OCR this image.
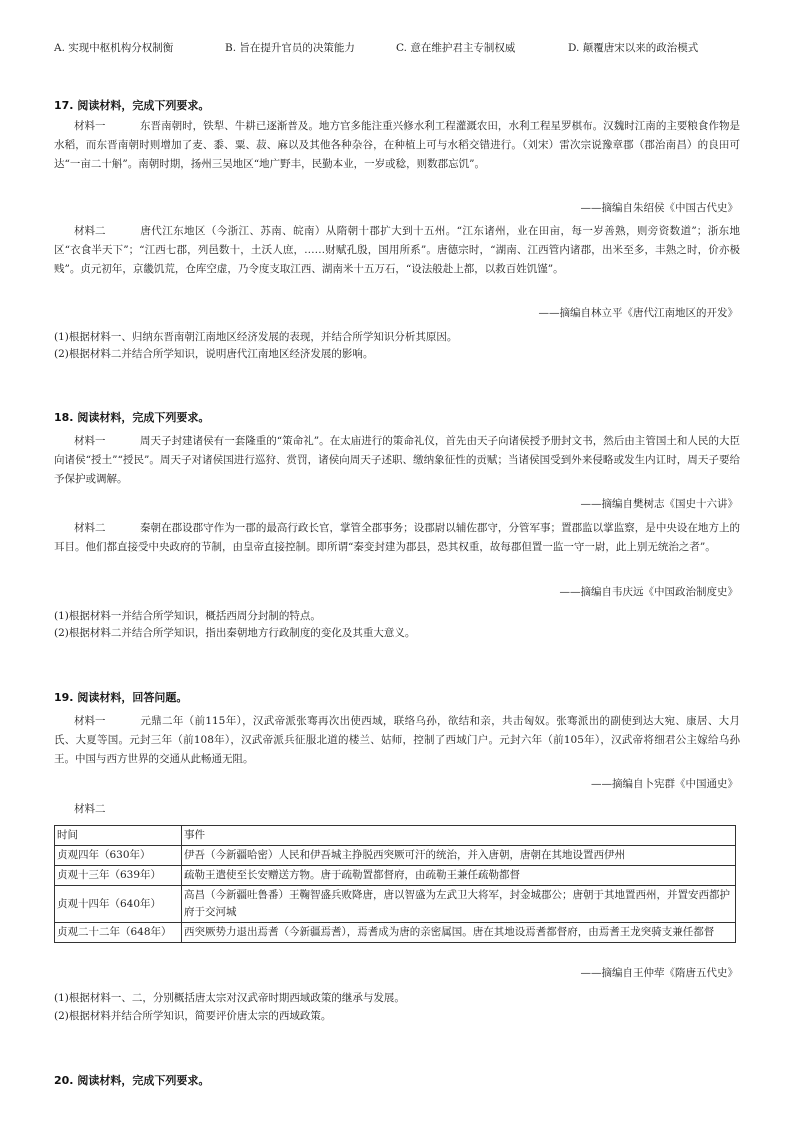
A. 实现中枢机构分权制衡	B. 旨在提升官员的决策能力	C. 意在维护君主专制权威	D. 颠覆唐宋以来的政治模式
17. 阅读材料，完成下列要求。
材料一	东晋南朝时，铁犁、牛耕已逐渐普及。地方官多能注重兴修水利工程灌溉农田，水利工程星罗棋布。汉魏时江南的主要粮食作物是水稻，而东晋南朝时则增加了麦、黍、粟、菽、麻以及其他各种杂谷，在种植上可与水稻交错进行。（刘宋）雷次宗说豫章郡（郡治南昌）的良田可达“一亩二十斛”。南朝时期，扬州三吴地区“地广野丰，民勤本业，一岁或稔，则数郡忘饥”。
——摘编自朱绍侯《中国古代史》
材料二	唐代江东地区（今浙江、苏南、皖南）从隋朝十郡扩大到十五州。“江东诸州，业在田亩，每一岁善熟，则旁资数道”；浙东地区“衣食半天下”；“江西七郡，列邑数十，土沃人庶，……财赋孔殷，国用所系”。唐德宗时，“湖南、江西管内诸郡，出米至多，丰熟之时，价亦极贱”。贞元初年，京畿饥荒，仓库空虚，乃令度支取江西、湖南米十五万石，“设法般赴上都，以救百姓饥馑”。
——摘编自林立平《唐代江南地区的开发》
(1)根据材料一、归纳东晋南朝江南地区经济发展的表现，并结合所学知识分析其原因。
(2)根据材料二并结合所学知识，说明唐代江南地区经济发展的影响。
18. 阅读材料，完成下列要求。
材料一	周天子封建诸侯有一套隆重的“策命礼”。在太庙进行的策命礼仪，首先由天子向诸侯授予册封文书，然后由主管国土和人民的大臣向诸侯“授土”“授民”。周天子对诸侯国进行巡狩、赏罚，诸侯向周天子述职、缴纳象征性的贡赋；当诸侯国受到外来侵略或发生内讧时，周天子要给予保护或调解。
——摘编自樊树志《国史十六讲》
材料二	秦朝在郡设郡守作为一郡的最高行政长官，掌管全郡事务；设郡尉以辅佐郡守，分管军事；置郡监以掌监察，是中央设在地方上的耳目。他们都直接受中央政府的节制，由皇帝直接控制。即所谓“秦变封建为郡县，恐其权重，故每郡但置一监一守一尉，此上别无统治之者”。
——摘编自韦庆远《中国政治制度史》
(1)根据材料一并结合所学知识，概括西周分封制的特点。
(2)根据材料二并结合所学知识，指出秦朝地方行政制度的变化及其重大意义。
19. 阅读材料，回答问题。
材料一	元鼎二年（前115年），汉武帝派张骞再次出使西域，联络乌孙，欲结和亲，共击匈奴。张骞派出的副使到达大宛、康居、大月氏、大夏等国。元封三年（前108年），汉武帝派兵征服北道的楼兰、姑师，控制了西域门户。元封六年（前105年），汉武帝将细君公主嫁给乌孙王。中国与西方世界的交通从此畅通无阻。
——摘编自卜宪群《中国通史》
材料二
时间	事件
贞观四年（630年）	伊吾（今新疆哈密）人民和伊吾城主挣脱西突厥可汗的统治，并入唐朝，唐朝在其地设置西伊州
贞观十三年（639年）	疏勒王遣使至长安赠送方物。唐于疏勒置都督府，由疏勒王兼任疏勒都督
贞观十四年（640年）	高昌（今新疆吐鲁番）王鞠智盛兵败降唐，唐以智盛为左武卫大将军，封金城郡公；唐朝于其地置西州，并置安西都护府于交河城
贞观二十二年（648年）	西突厥势力退出焉耆（今新疆焉耆），焉耆成为唐的亲密属国。唐在其地设焉耆都督府，由焉耆王龙突骑支兼任都督
——摘编自王仲荦《隋唐五代史》
(1)根据材料一、二，分别概括唐太宗对汉武帝时期西域政策的继承与发展。
(2)根据材料并结合所学知识，简要评价唐太宗的西域政策。
20. 阅读材料，完成下列要求。
